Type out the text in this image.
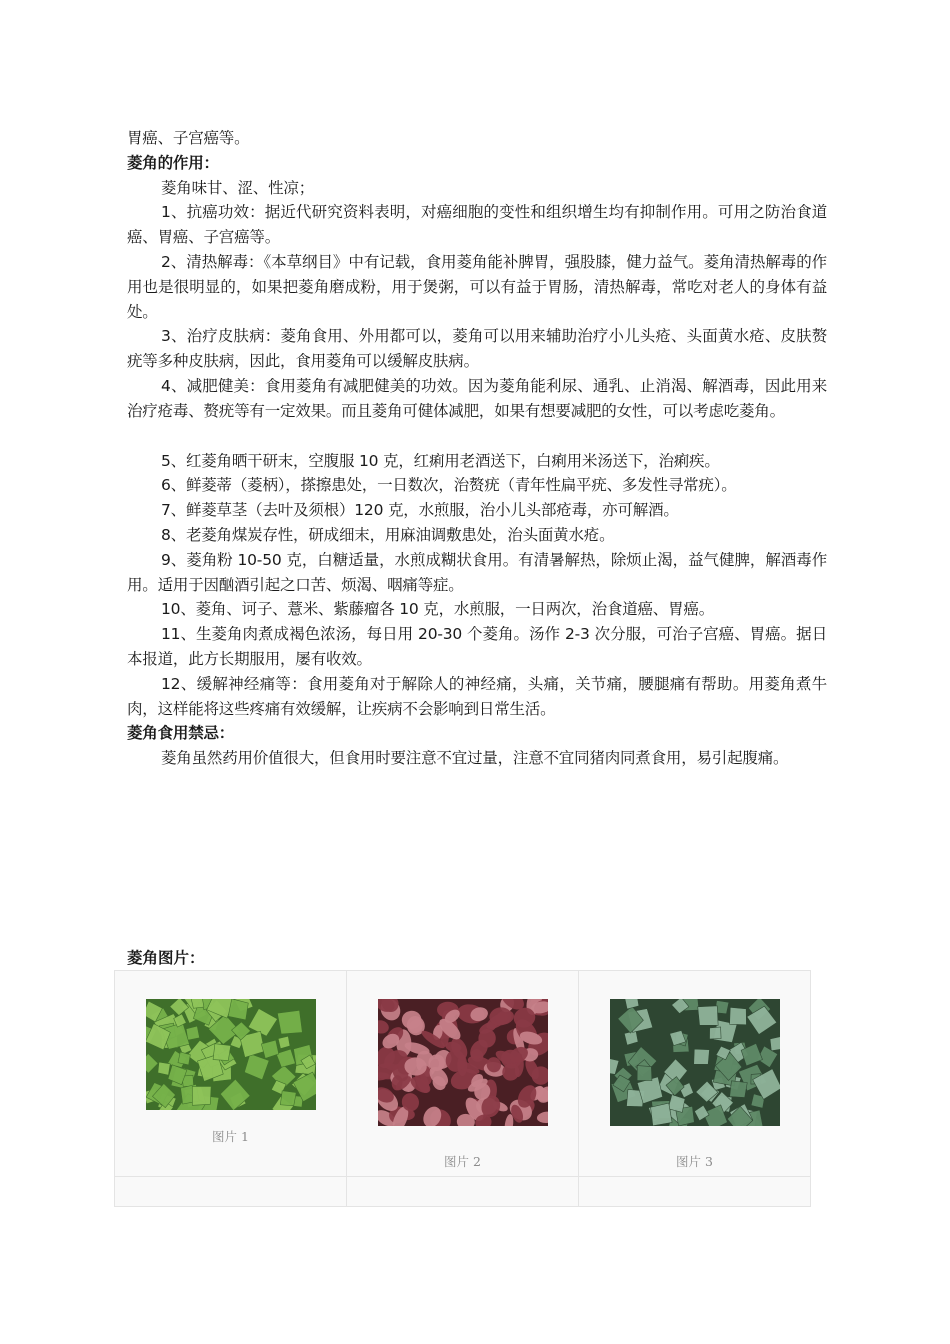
胃癌、子宫癌等。

菱角的作用：

菱角味甘、涩、性凉；

1、抗癌功效：据近代研究资料表明，对癌细胞的变性和组织增生均有抑制作用。可用之防治食道癌、胃癌、子宫癌等。

2、清热解毒：《本草纲目》中有记载，食用菱角能补脾胃，强股膝，健力益气。菱角清热解毒的作用也是很明显的，如果把菱角磨成粉，用于煲粥，可以有益于胃肠，清热解毒，常吃对老人的身体有益处。

3、治疗皮肤病：菱角食用、外用都可以，菱角可以用来辅助治疗小儿头疮、头面黄水疮、皮肤赘疣等多种皮肤病，因此，食用菱角可以缓解皮肤病。

4、减肥健美：食用菱角有减肥健美的功效。因为菱角能利尿、通乳、止消渴、解酒毒，因此用来治疗疮毒、赘疣等有一定效果。而且菱角可健体减肥，如果有想要减肥的女性，可以考虑吃菱角。

5、红菱角晒干研末，空腹服 10 克，红痢用老酒送下，白痢用米汤送下，治痢疾。

6、鲜菱蒂（菱柄），搽擦患处，一日数次，治赘疣（青年性扁平疣、多发性寻常疣）。

7、鲜菱草茎（去叶及须根）120 克，水煎服，治小儿头部疮毒，亦可解酒。

8、老菱角煤炭存性，研成细末，用麻油调敷患处，治头面黄水疮。

9、菱角粉 10-50 克，白糖适量，水煎成糊状食用。有清暑解热，除烦止渴，益气健脾，解酒毒作用。适用于因酗酒引起之口苦、烦渴、咽痛等症。

10、菱角、诃子、薏米、紫藤瘤各 10 克，水煎服，一日两次，治食道癌、胃癌。

11、生菱角肉煮成褐色浓汤，每日用 20-30 个菱角。汤作 2-3 次分服，可治子宫癌、胃癌。据日本报道，此方长期服用，屡有收效。

12、缓解神经痛等：食用菱角对于解除人的神经痛，头痛，关节痛，腰腿痛有帮助。用菱角煮牛肉，这样能将这些疼痛有效缓解，让疾病不会影响到日常生活。

菱角食用禁忌：

菱角虽然药用价值很大，但食用时要注意不宜过量，注意不宜同猪肉同煮食用，易引起腹痛。

菱角图片：

图片 1	图片 2	图片 3
